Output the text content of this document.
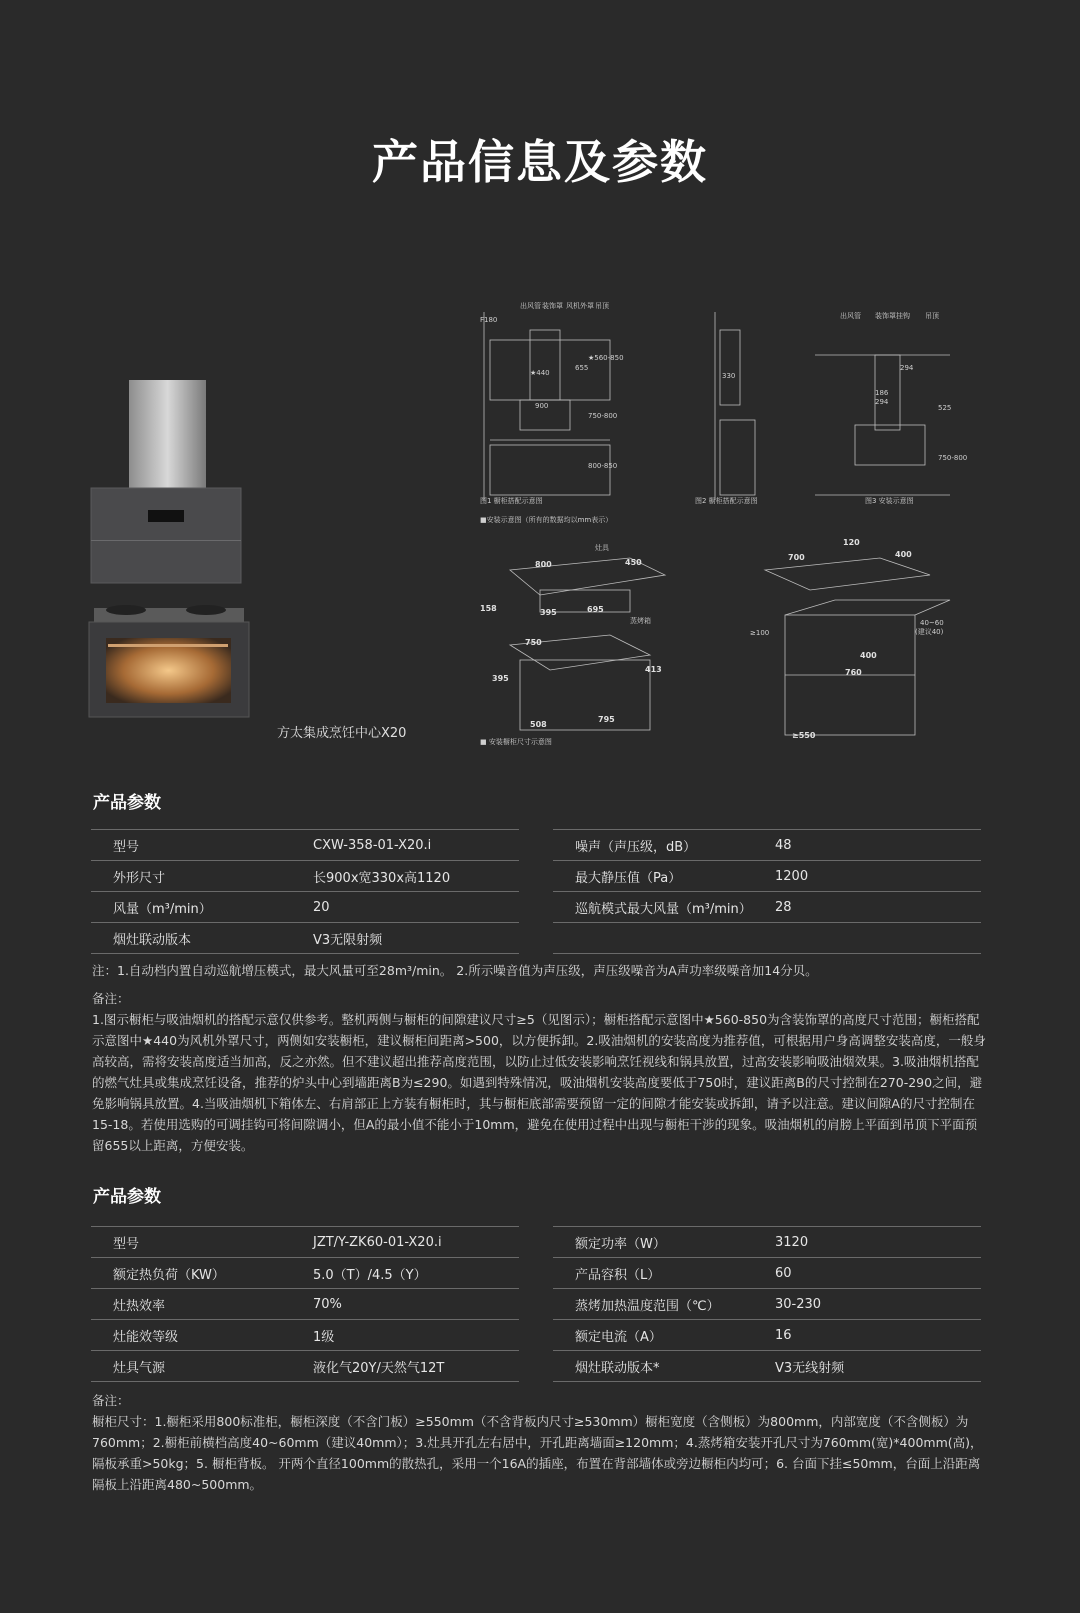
产品信息及参数
方太集成烹饪中心X20
出风管 装饰罩 风机外罩 吊顶
F180
★440
900
655
★560-850
750-800
800-850
图1 橱柜搭配示意图
330
图2 橱柜搭配示意图
出风管 装饰罩挂钩 吊顶
294
186
294
525
750-800
图3 安装示意图
■安装示意图（所有的数据均以mm表示）
灶具
800	450
158	395	695
蒸烤箱
750
395
413
508
795
■ 安装橱柜尺寸示意图
120
700	400
≥100
40~60
(建议40)
400
760
≥550
产品参数
型号	CXW-358-01-X20.i
外形尺寸	长900x宽330x高1120
风量（m³/min）	20
烟灶联动版本	V3无限射频
噪声（声压级，dB）	48
最大静压值（Pa）	1200
巡航模式最大风量（m³/min）	28
注：1.自动档内置自动巡航增压模式，最大风量可至28m³/min。 2.所示噪音值为声压级，声压级噪音为A声功率级噪音加14分贝。
备注：
1.图示橱柜与吸油烟机的搭配示意仅供参考。整机两侧与橱柜的间隙建议尺寸≥5（见图示）；橱柜搭配示意图中★560-850为含装饰罩的高度尺寸范围；橱柜搭配示意图中★440为风机外罩尺寸，两侧如安装橱柜，建议橱柜间距离>500，以方便拆卸。2.吸油烟机的安装高度为推荐值，可根据用户身高调整安装高度，一般身高较高，需将安装高度适当加高，反之亦然。但不建议超出推荐高度范围，以防止过低安装影响烹饪视线和锅具放置，过高安装影响吸油烟效果。3.吸油烟机搭配的燃气灶具或集成烹饪设备，推荐的炉头中心到墙距离B为≤290。如遇到特殊情况，吸油烟机安装高度要低于750时，建议距离B的尺寸控制在270-290之间，避免影响锅具放置。4.当吸油烟机下箱体左、右肩部正上方装有橱柜时，其与橱柜底部需要预留一定的间隙才能安装或拆卸，请予以注意。建议间隙A的尺寸控制在15-18。若使用选购的可调挂钩可将间隙调小，但A的最小值不能小于10mm，避免在使用过程中出现与橱柜干涉的现象。吸油烟机的肩膀上平面到吊顶下平面预留655以上距离，方便安装。
产品参数
型号	JZT/Y-ZK60-01-X20.i
额定热负荷（KW）	5.0（T）/4.5（Y）
灶热效率	70%
灶能效等级	1级
灶具气源	液化气20Y/天然气12T
额定功率（W）	3120
产品容积（L）	60
蒸烤加热温度范围（℃）	30-230
额定电流（A）	16
烟灶联动版本*	V3无线射频
备注：
橱柜尺寸：1.橱柜采用800标准柜，橱柜深度（不含门板）≥550mm（不含背板内尺寸≥530mm）橱柜宽度（含侧板）为800mm，内部宽度（不含侧板）为760mm；2.橱柜前横档高度40~60mm（建议40mm）；3.灶具开孔左右居中，开孔距离墙面≥120mm；4.蒸烤箱安装开孔尺寸为760mm(宽)*400mm(高)，隔板承重>50kg；5. 橱柜背板。 开两个直径100mm的散热孔，采用一个16A的插座，布置在背部墙体或旁边橱柜内均可；6. 台面下挂≤50mm，台面上沿距离隔板上沿距离480~500mm。
